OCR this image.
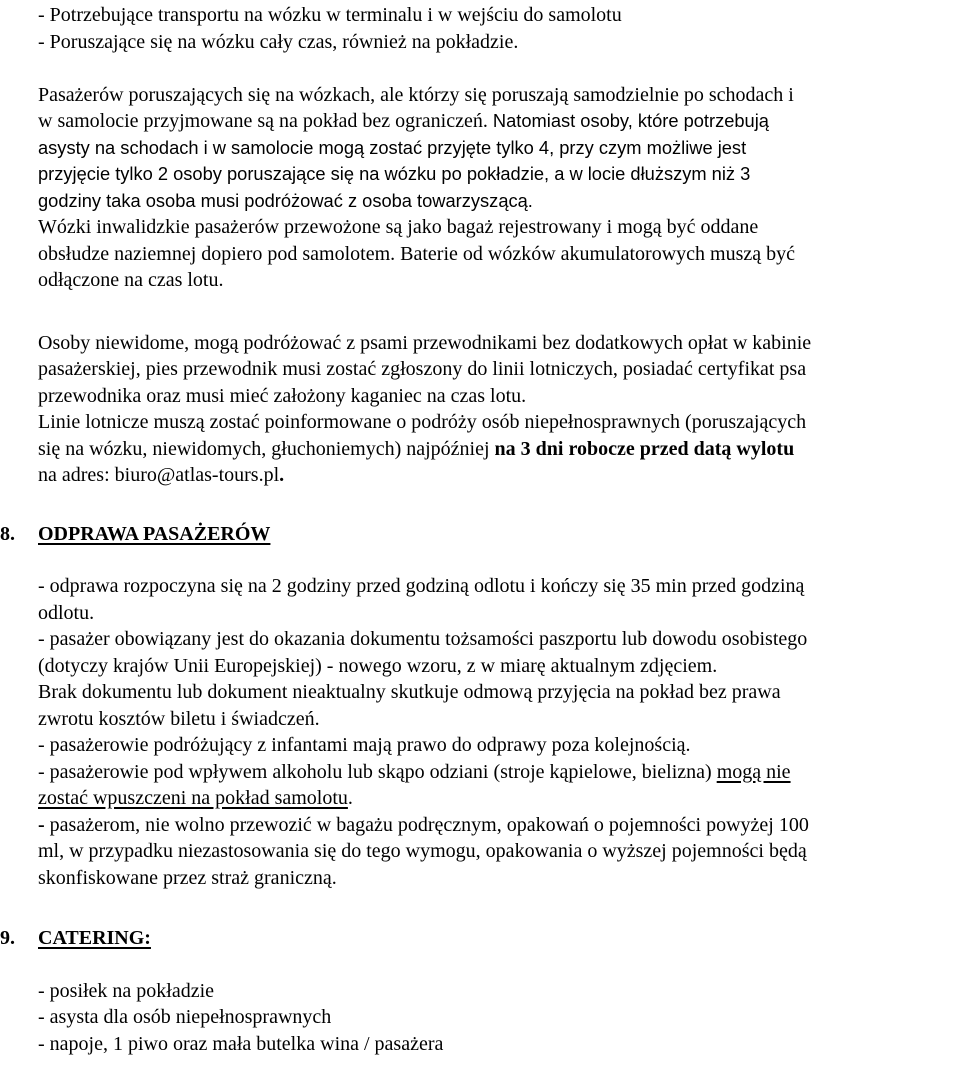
- Potrzebujące transportu na wózku w terminalu i w wejściu do samolotu
- Poruszające się na wózku cały czas, również na pokładzie.
Pasażerów poruszających się na wózkach, ale którzy się poruszają samodzielnie po schodach i
w samolocie przyjmowane są na pokład bez ograniczeń. Natomiast osoby, które potrzebują
asysty na schodach i w samolocie mogą zostać przyjęte tylko 4, przy czym możliwe jest
przyjęcie tylko 2 osoby poruszające się na wózku po pokładzie, a w locie dłuższym niż 3
godziny taka osoba musi podróżować z osoba towarzyszącą.
Wózki inwalidzkie pasażerów przewożone są jako bagaż rejestrowany i mogą być oddane
obsłudze naziemnej dopiero pod samolotem. Baterie od wózków akumulatorowych muszą być
odłączone na czas lotu.
Osoby niewidome, mogą podróżować z psami przewodnikami bez dodatkowych opłat w kabinie
pasażerskiej, pies przewodnik musi zostać zgłoszony do linii lotniczych, posiadać certyfikat psa
przewodnika oraz musi mieć założony kaganiec na czas lotu.
Linie lotnicze muszą zostać poinformowane o podróży osób niepełnosprawnych (poruszających
się na wózku, niewidomych, głuchoniemych) najpóźniej na 3 dni robocze przed datą wylotu
na adres: biuro@atlas-tours.pl.
8.	ODPRAWA PASAŻERÓW
- odprawa rozpoczyna się na 2 godziny przed godziną odlotu i kończy się 35 min przed godziną
odlotu.
- pasażer obowiązany jest do okazania dokumentu tożsamości paszportu lub dowodu osobistego
(dotyczy krajów Unii Europejskiej) - nowego wzoru, z w miarę aktualnym zdjęciem.
Brak dokumentu lub dokument nieaktualny skutkuje odmową przyjęcia na pokład bez prawa
zwrotu kosztów biletu i świadczeń.
- pasażerowie podróżujący z infantami mają prawo do odprawy poza kolejnością.
- pasażerowie pod wpływem alkoholu lub skąpo odziani (stroje kąpielowe, bielizna) mogą nie
zostać wpuszczeni na pokład samolotu.
- pasażerom, nie wolno przewozić w bagażu podręcznym, opakowań o pojemności powyżej 100
ml, w przypadku niezastosowania się do tego wymogu, opakowania o wyższej pojemności będą
skonfiskowane przez straż graniczną.
9.	CATERING:
- posiłek na pokładzie
- asysta dla osób niepełnosprawnych
- napoje, 1 piwo oraz mała butelka wina / pasażera
